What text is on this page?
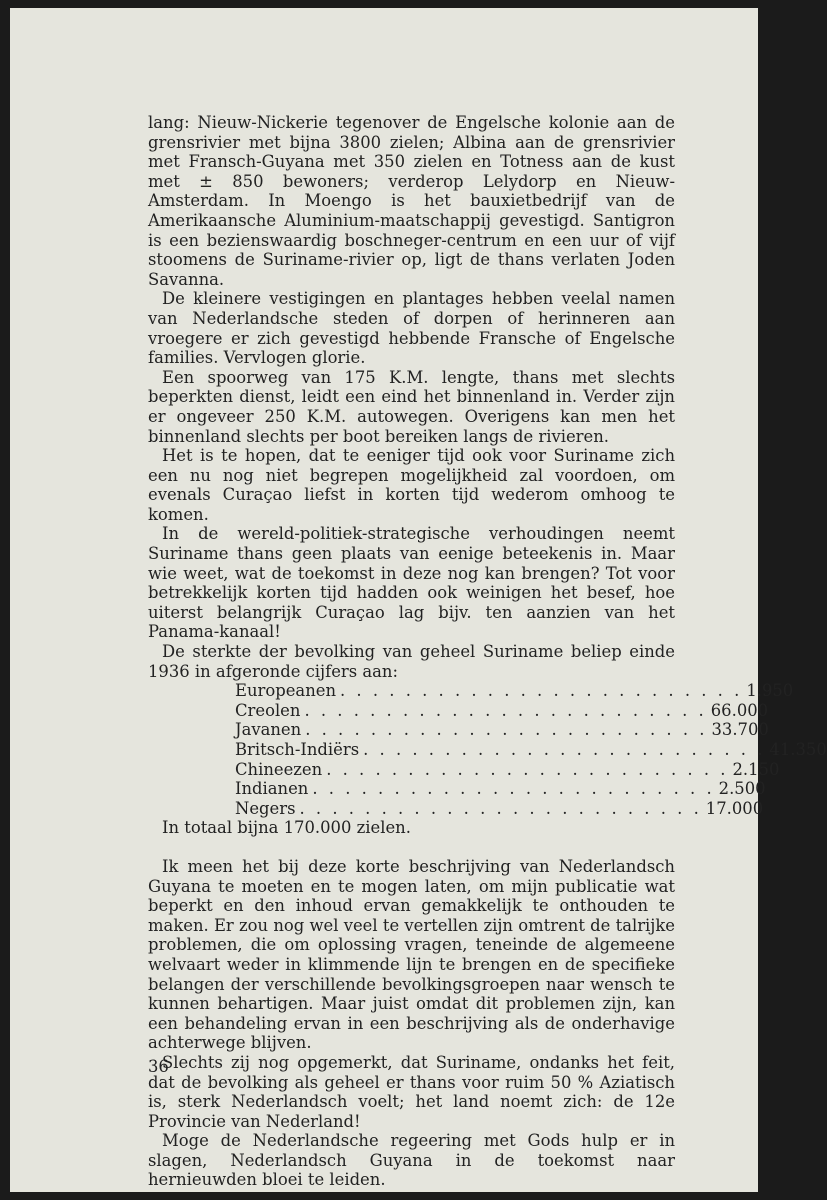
lang: Nieuw-Nickerie tegenover de Engelsche kolonie aan de grensrivier met bijna 3800 zielen; Albina aan de grensrivier met Fransch-Guyana met 350 zielen en Totness aan de kust met ± 850 bewoners; verderop Lelydorp en Nieuw-Amsterdam. In Moengo is het bauxietbedrijf van de Amerikaansche Aluminium-maatschappij gevestigd. Santigron is een bezienswaardig boschneger-centrum en een uur of vijf stoomens de Suriname-rivier op, ligt de thans verlaten Joden Savanna.

De kleinere vestigingen en plantages hebben veelal namen van Nederlandsche steden of dorpen of herinneren aan vroegere er zich gevestigd hebbende Fransche of Engelsche families. Vervlogen glorie.

Een spoorweg van 175 K.M. lengte, thans met slechts beperkten dienst, leidt een eind het binnenland in. Verder zijn er ongeveer 250 K.M. autowegen. Overigens kan men het binnenland slechts per boot bereiken langs de rivieren.

Het is te hopen, dat te eeniger tijd ook voor Suriname zich een nu nog niet begrepen mogelijkheid zal voordoen, om evenals Curaçao liefst in korten tijd wederom omhoog te komen.

In de wereld-politiek-strategische verhoudingen neemt Suriname thans geen plaats van eenige beteekenis in. Maar wie weet, wat de toekomst in deze nog kan brengen? Tot voor betrekkelijk korten tijd hadden ook weinigen het besef, hoe uiterst belangrijk Curaçao lag bijv. ten aanzien van het Panama-kanaal!

De sterkte der bevolking van geheel Suriname beliep einde 1936 in afgeronde cijfers aan:

Europeanen . . . . . . . . . . . . . . . . . . . . . . . . . 1.950
Creolen . . . . . . . . . . . . . . . . . . . . . . . . . 66.000
Javanen . . . . . . . . . . . . . . . . . . . . . . . . . 33.700
Britsch-Indiërs . . . . . . . . . . . . . . . . . . . . . . . . . 41.350
Chineezen . . . . . . . . . . . . . . . . . . . . . . . . . 2.150
Indianen . . . . . . . . . . . . . . . . . . . . . . . . . 2.500
Negers . . . . . . . . . . . . . . . . . . . . . . . . . 17.000

In totaal bijna 170.000 zielen.

Ik meen het bij deze korte beschrijving van Nederlandsch Guyana te moeten en te mogen laten, om mijn publicatie wat beperkt en den inhoud ervan gemakkelijk te onthouden te maken. Er zou nog wel veel te vertellen zijn omtrent de talrijke problemen, die om oplossing vragen, teneinde de algemeene welvaart weder in klimmende lijn te brengen en de specifieke belangen der verschillende bevolkingsgroepen naar wensch te kunnen behartigen. Maar juist omdat dit problemen zijn, kan een behandeling ervan in een beschrijving als de onderhavige achterwege blijven.

Slechts zij nog opgemerkt, dat Suriname, ondanks het feit, dat de bevolking als geheel er thans voor ruim 50 % Aziatisch is, sterk Nederlandsch voelt; het land noemt zich: de 12e Provincie van Nederland!

Moge de Nederlandsche regeering met Gods hulp er in slagen, Nederlandsch Guyana in de toekomst naar hernieuwden bloei te leiden.

36
